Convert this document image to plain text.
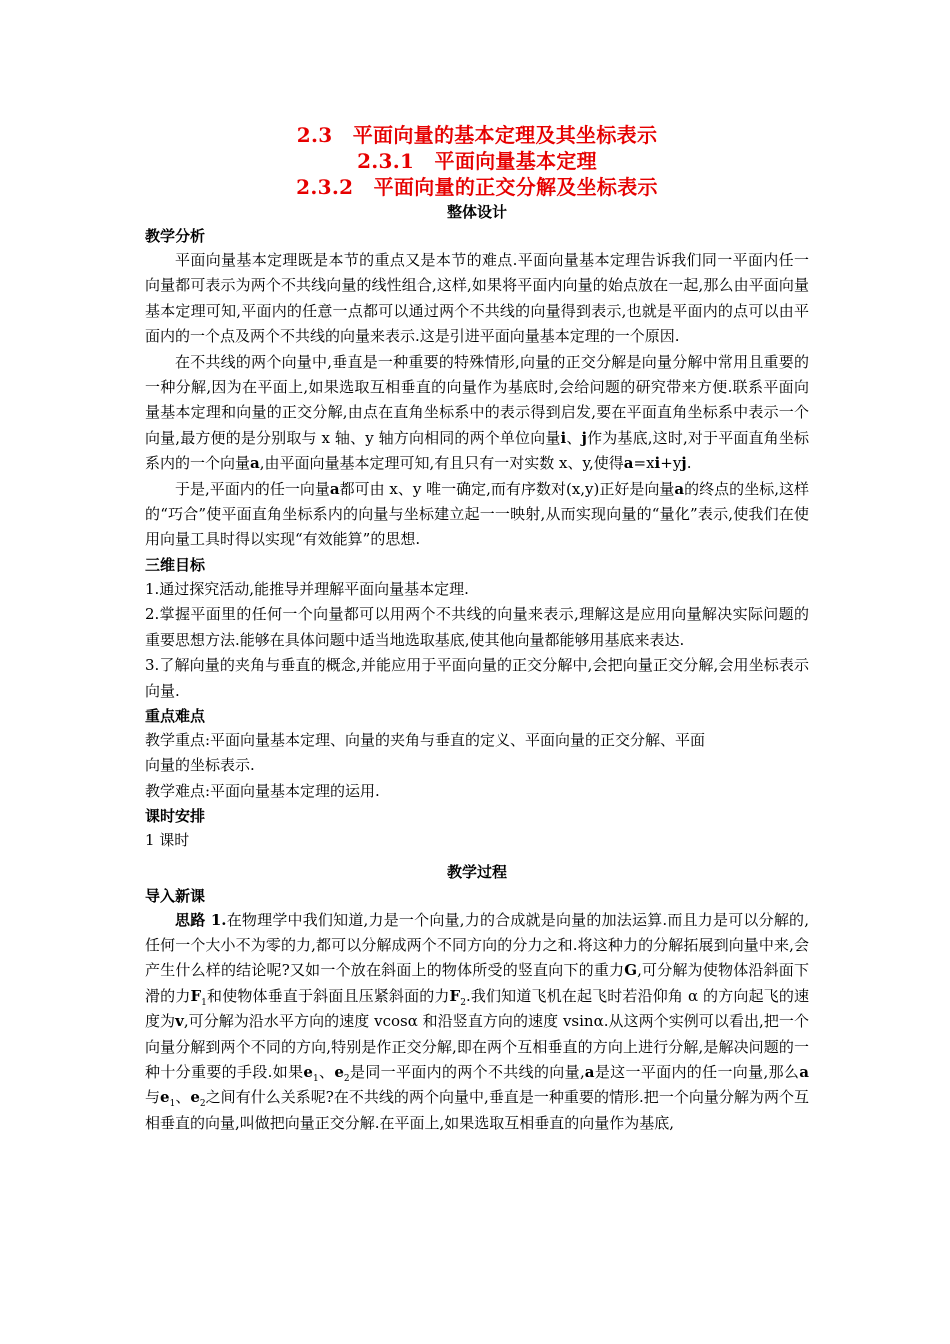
2.3　平面向量的基本定理及其坐标表示
2.3.1　平面向量基本定理
2.3.2　平面向量的正交分解及坐标表示
整体设计
教学分析
平面向量基本定理既是本节的重点又是本节的难点.平面向量基本定理告诉我们同一平面内任一向量都可表示为两个不共线向量的线性组合,这样,如果将平面内向量的始点放在一起,那么由平面向量基本定理可知,平面内的任意一点都可以通过两个不共线的向量得到表示,也就是平面内的点可以由平面内的一个点及两个不共线的向量来表示.这是引进平面向量基本定理的一个原因.
在不共线的两个向量中,垂直是一种重要的特殊情形,向量的正交分解是向量分解中常用且重要的一种分解,因为在平面上,如果选取互相垂直的向量作为基底时,会给问题的研究带来方便.联系平面向量基本定理和向量的正交分解,由点在直角坐标系中的表示得到启发,要在平面直角坐标系中表示一个向量,最方便的是分别取与 x 轴、y 轴方向相同的两个单位向量i、j作为基底,这时,对于平面直角坐标系内的一个向量a,由平面向量基本定理可知,有且只有一对实数 x、y,使得a=xi+yj.
于是,平面内的任一向量a都可由 x、y 唯一确定,而有序数对(x,y)正好是向量a的终点的坐标,这样的“巧合”使平面直角坐标系内的向量与坐标建立起一一映射,从而实现向量的“量化”表示,使我们在使用向量工具时得以实现“有效能算”的思想.
三维目标
1.通过探究活动,能推导并理解平面向量基本定理.
2.掌握平面里的任何一个向量都可以用两个不共线的向量来表示,理解这是应用向量解决实际问题的重要思想方法.能够在具体问题中适当地选取基底,使其他向量都能够用基底来表达.
3.了解向量的夹角与垂直的概念,并能应用于平面向量的正交分解中,会把向量正交分解,会用坐标表示向量.
重点难点
教学重点:平面向量基本定理、向量的夹角与垂直的定义、平面向量的正交分解、平面
向量的坐标表示.
教学难点:平面向量基本定理的运用.
课时安排
1 课时
教学过程
导入新课
思路 1.在物理学中我们知道,力是一个向量,力的合成就是向量的加法运算.而且力是可以分解的,任何一个大小不为零的力,都可以分解成两个不同方向的分力之和.将这种力的分解拓展到向量中来,会产生什么样的结论呢?又如一个放在斜面上的物体所受的竖直向下的重力G,可分解为使物体沿斜面下滑的力$F_1$和使物体垂直于斜面且压紧斜面的力$F_2$.我们知道飞机在起飞时若沿仰角 α 的方向起飞的速度为v,可分解为沿水平方向的速度 vcosα 和沿竖直方向的速度 vsinα.从这两个实例可以看出,把一个向量分解到两个不同的方向,特别是作正交分解,即在两个互相垂直的方向上进行分解,是解决问题的一种十分重要的手段.如果$e_1$、$e_2$是同一平面内的两个不共线的向量,a是这一平面内的任一向量,那么a与$e_1$、$e_2$之间有什么关系呢?在不共线的两个向量中,垂直是一种重要的情形.把一个向量分解为两个互相垂直的向量,叫做把向量正交分解.在平面上,如果选取互相垂直的向量作为基底,
